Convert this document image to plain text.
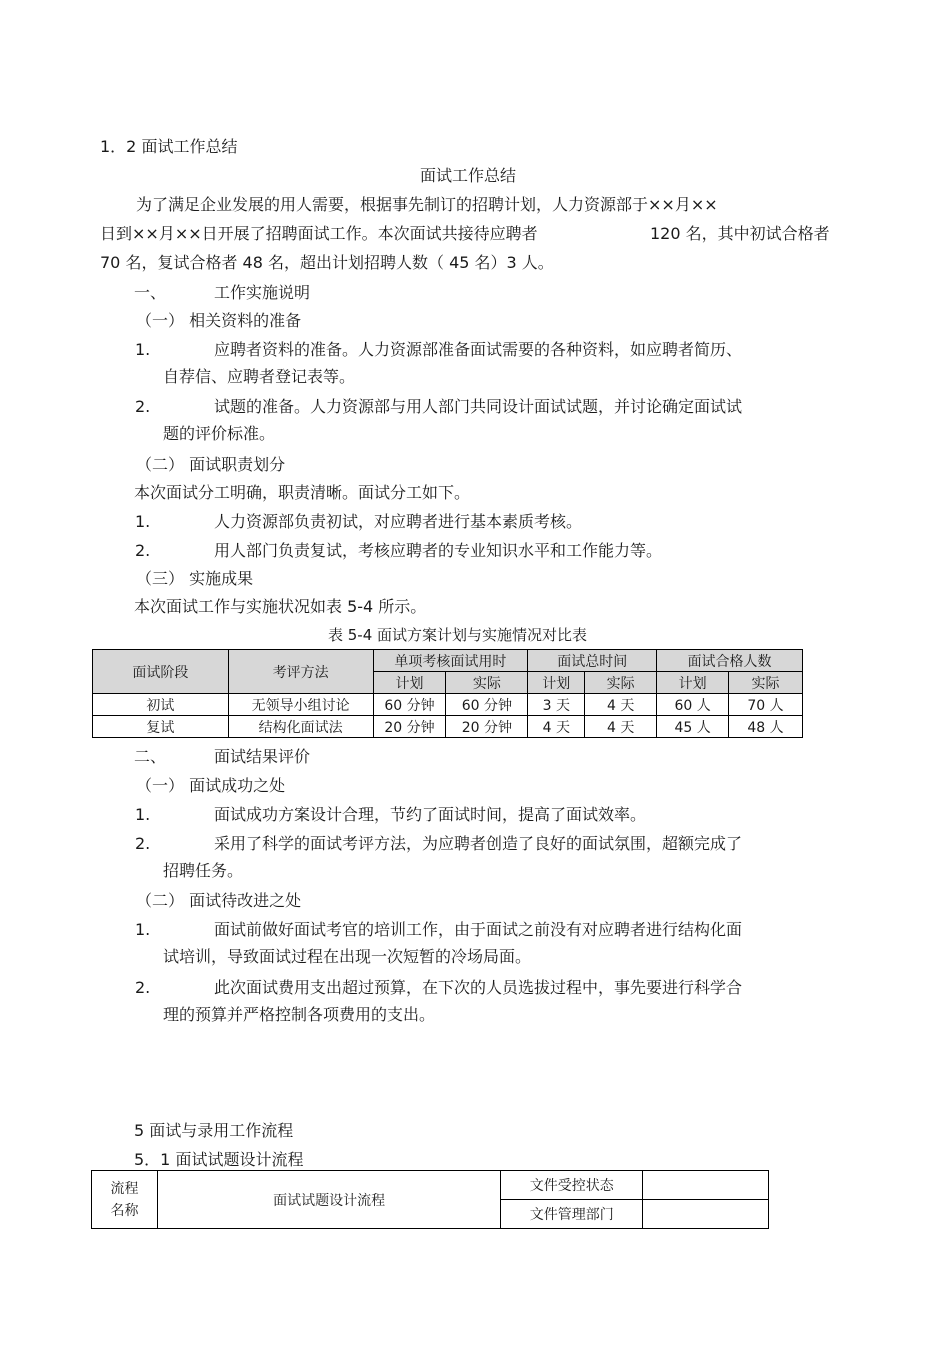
1．2 面试工作总结
面试工作总结
为了满足企业发展的用人需要，根据事先制订的招聘计划，人力资源部于××月××
日到××月××日开展了招聘面试工作。本次面试共接待应聘者	120 名，其中初试合格者
70 名，复试合格者 48 名，超出计划招聘人数（ 45 名）3 人。
一、	工作实施说明
（一） 相关资料的准备
1.	应聘者资料的准备。人力资源部准备面试需要的各种资料，如应聘者简历、
自荐信、应聘者登记表等。
2.	试题的准备。人力资源部与用人部门共同设计面试试题，并讨论确定面试试
题的评价标准。
（二） 面试职责划分
本次面试分工明确，职责清晰。面试分工如下。
1.	人力资源部负责初试，对应聘者进行基本素质考核。
2.	用人部门负责复试，考核应聘者的专业知识水平和工作能力等。
（三） 实施成果
本次面试工作与实施状况如表 5-4 所示。
表 5-4 面试方案计划与实施情况对比表
面试阶段	考评方法	单项考核面试用时		面试总时间		面试合格人数	
		计划	实际	计划	实际	计划	实际
初试	无领导小组讨论	60 分钟	60 分钟	3 天	4 天	60 人	70 人
复试	结构化面试法	20 分钟	20 分钟	4 天	4 天	45 人	48 人
二、	面试结果评价
（一） 面试成功之处
1.	面试成功方案设计合理，节约了面试时间，提高了面试效率。
2.	采用了科学的面试考评方法，为应聘者创造了良好的面试氛围，超额完成了
招聘任务。
（二） 面试待改进之处
1.	面试前做好面试考官的培训工作，由于面试之前没有对应聘者进行结构化面
试培训，导致面试过程在出现一次短暂的冷场局面。
2.	此次面试费用支出超过预算，在下次的人员选拔过程中，事先要进行科学合
理的预算并严格控制各项费用的支出。
5 面试与录用工作流程
5．1 面试试题设计流程
流程
名称	面试试题设计流程	文件受控状态	
		文件管理部门	
